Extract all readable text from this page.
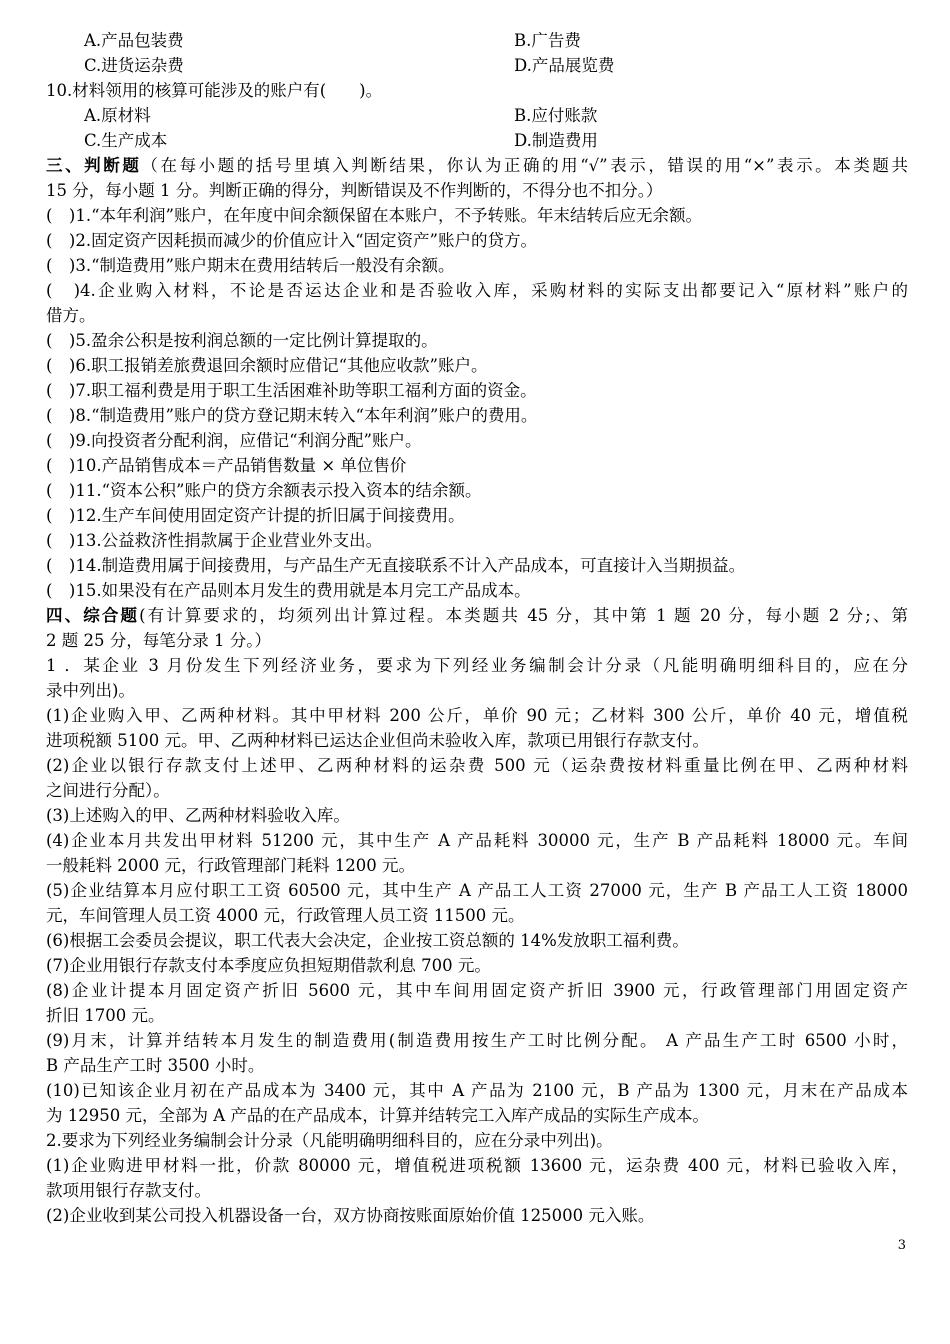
A.产品包装费	B.广告费
C.进货运杂费	D.产品展览费
10.材料领用的核算可能涉及的账户有(　　)。
A.原材料	B.应付账款
C.生产成本	D.制造费用
三、判断题（在每小题的括号里填入判断结果，你认为正确的用“√”表示，错误的用“×”表示。本类题共
15 分，每小题 1 分。判断正确的得分，判断错误及不作判断的，不得分也不扣分。）
(　)1.“本年利润”账户，在年度中间余额保留在本账户，不予转账。年末结转后应无余额。
(　)2.固定资产因耗损而减少的价值应计入“固定资产”账户的贷方。
(　)3.“制造费用”账户期末在费用结转后一般没有余额。
(　)4.企业购入材料，不论是否运达企业和是否验收入库，采购材料的实际支出都要记入“原材料”账户的
借方。
(　)5.盈余公积是按利润总额的一定比例计算提取的。
(　)6.职工报销差旅费退回余额时应借记“其他应收款”账户。
(　)7.职工福利费是用于职工生活困难补助等职工福利方面的资金。
(　)8.“制造费用”账户的贷方登记期末转入“本年利润”账户的费用。
(　)9.向投资者分配利润，应借记“利润分配”账户。
(　)10.产品销售成本＝产品销售数量 × 单位售价
(　)11.“资本公积”账户的贷方余额表示投入资本的结余额。
(　)12.生产车间使用固定资产计提的折旧属于间接费用。
(　)13.公益救济性捐款属于企业营业外支出。
(　)14.制造费用属于间接费用，与产品生产无直接联系不计入产品成本，可直接计入当期损益。
(　)15.如果没有在产品则本月发生的费用就是本月完工产品成本。
四、综合题(有计算要求的，均须列出计算过程。本类题共 45 分，其中第 1 题 20 分，每小题 2 分;、第
2 题 25 分，每笔分录 1 分。）
1 ．某企业 3 月份发生下列经济业务，要求为下列经业务编制会计分录（凡能明确明细科目的，应在分
录中列出)。
(1)企业购入甲、乙两种材料。其中甲材料 200 公斤，单价 90 元；乙材料 300 公斤，单价 40 元，增值税
进项税额 5100 元。甲、乙两种材料已运达企业但尚未验收入库，款项已用银行存款支付。
(2)企业以银行存款支付上述甲、乙两种材料的运杂费 500 元（运杂费按材料重量比例在甲、乙两种材料
之间进行分配）。
(3)上述购入的甲、乙两种材料验收入库。
(4)企业本月共发出甲材料 51200 元，其中生产 A 产品耗料 30000 元，生产 B 产品耗料 18000 元。车间
一般耗料 2000 元，行政管理部门耗料 1200 元。
(5)企业结算本月应付职工工资 60500 元，其中生产 A 产品工人工资 27000 元，生产 B 产品工人工资 18000
元，车间管理人员工资 4000 元，行政管理人员工资 11500 元。
(6)根据工会委员会提议，职工代表大会决定，企业按工资总额的 14%发放职工福利费。
(7)企业用银行存款支付本季度应负担短期借款利息 700 元。
(8)企业计提本月固定资产折旧 5600 元，其中车间用固定资产折旧 3900 元，行政管理部门用固定资产
折旧 1700 元。
(9)月末，计算并结转本月发生的制造费用(制造费用按生产工时比例分配。 A 产品生产工时 6500 小时，
B 产品生产工时 3500 小时。
(10)已知该企业月初在产品成本为 3400 元，其中 A 产品为 2100 元，B 产品为 1300 元，月末在产品成本
为 12950 元，全部为 A 产品的在产品成本，计算并结转完工入库产成品的实际生产成本。
2.要求为下列经业务编制会计分录（凡能明确明细科目的，应在分录中列出)。
(1)企业购进甲材料一批，价款 80000 元，增值税进项税额 13600 元，运杂费 400 元，材料已验收入库，
款项用银行存款支付。
(2)企业收到某公司投入机器设备一台，双方协商按账面原始价值 125000 元入账。
3
